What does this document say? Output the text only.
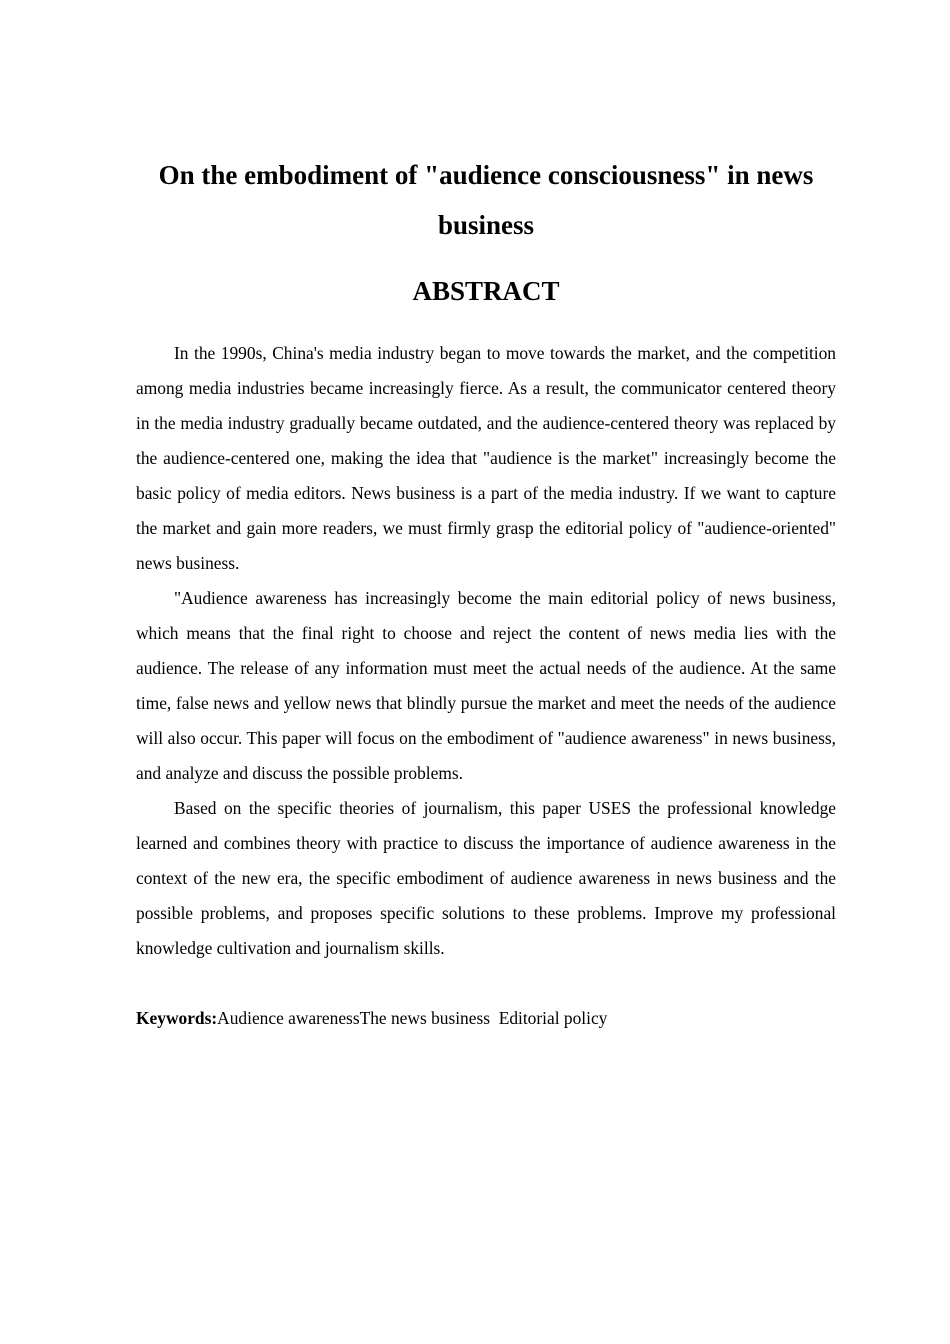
On the embodiment of "audience consciousness" in news business
ABSTRACT

In the 1990s, China's media industry began to move towards the market, and the competition among media industries became increasingly fierce. As a result, the communicator centered theory in the media industry gradually became outdated, and the audience-centered theory was replaced by the audience-centered one, making the idea that "audience is the market" increasingly become the basic policy of media editors. News business is a part of the media industry. If we want to capture the market and gain more readers, we must firmly grasp the editorial policy of "audience-oriented" news business.

"Audience awareness has increasingly become the main editorial policy of news business, which means that the final right to choose and reject the content of news media lies with the audience. The release of any information must meet the actual needs of the audience. At the same time, false news and yellow news that blindly pursue the market and meet the needs of the audience will also occur. This paper will focus on the embodiment of "audience awareness" in news business, and analyze and discuss the possible problems.

Based on the specific theories of journalism, this paper USES the professional knowledge learned and combines theory with practice to discuss the importance of audience awareness in the context of the new era, the specific embodiment of audience awareness in news business and the possible problems, and proposes specific solutions to these problems. Improve my professional knowledge cultivation and journalism skills.

Keywords:Audience awarenessThe news business  Editorial policy
